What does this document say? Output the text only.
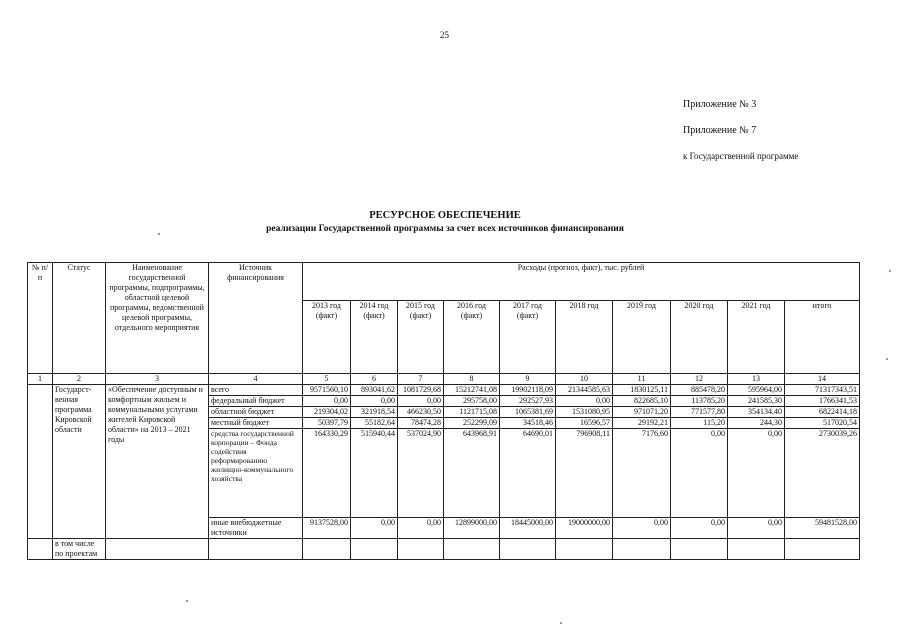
25
Приложение № 3
Приложение № 7
к Государственной программе
РЕСУРСНОЕ ОБЕСПЕЧЕНИЕ
реализации Государственной программы за счет всех источников финансирования
№ п/п	Статус	Наименование государственной программы, подпрограммы, областной целевой программы, ведомственной целевой программы, отдельного мероприятия	Источник финансирования	Расходы (прогноз, факт), тыс. рублей									
				2013 год (факт)	2014 год (факт)	2015 год (факт)	2016 год (факт)	2017 год (факт)	2018 год	2019 год	2020 год	2021 год	итого
1	2	3	4	5	6	7	8	9	10	11	12	13	14
	Государст-венная программа Кировской области	«Обеспечение доступным и комфортным жильем и коммунальными услугами жителей Кировской области» на 2013 – 2021 годы	всего	9571560,10	893041,62	1081729,68	15212741,08	19902118,09	21344585,63	1830125,11	885478,20	595964,00	71317343,51
			федеральный бюджет	0,00	0,00	0,00	295758,00	292527,93	0,00	822685,10	113785,20	241585,30	1766341,53
			областной бюджет	219304,02	321918,54	466230,50	1121715,08	1065381,69	1531080,95	971071,20	771577,80	354134,40	6822414,18
			местный бюджет	50397,79	55182,64	78474,28	252299,09	34518,46	16596,57	29192,21	115,20	244,30	517020,54
			средства государственной корпорации – Фонда содействия реформированию жилищно-коммунального хозяйства	164330,29	515940,44	537024,90	643968,91	64690,01	796908,11	7176,60	0,00	0,00	2730039,26
			иные внебюджетные источники	9137528,00	0,00	0,00	12899000,00	18445000,00	19000000,00	0,00	0,00	0,00	59481528,00
	в том числе по проектам												
